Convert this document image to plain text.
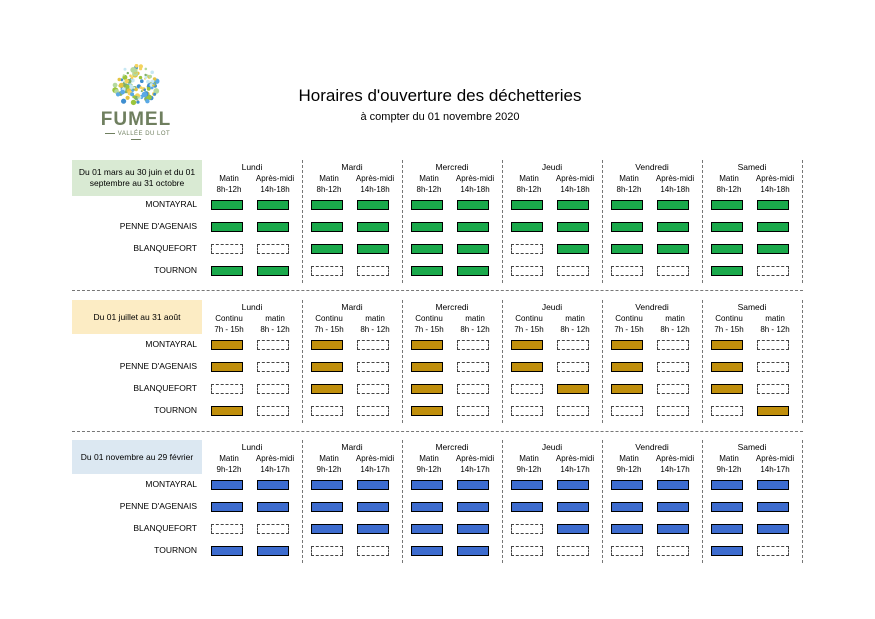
FUMEL
VALLÉE DU LOT
Horaires d'ouverture des déchetteries
à compter du 01 novembre 2020
Du 01 mars au 30 juin et du 01 septembre au 31 octobre
Lundi
Matin
8h-12h
Après-midi
14h-18h
Mardi
Matin
8h-12h
Après-midi
14h-18h
Mercredi
Matin
8h-12h
Après-midi
14h-18h
Jeudi
Matin
8h-12h
Après-midi
14h-18h
Vendredi
Matin
8h-12h
Après-midi
14h-18h
Samedi
Matin
8h-12h
Après-midi
14h-18h
MONTAYRAL
PENNE D'AGENAIS
BLANQUEFORT
TOURNON
Du 01 juillet au 31 août
Lundi
Continu
7h - 15h
matin
8h - 12h
Mardi
Continu
7h - 15h
matin
8h - 12h
Mercredi
Continu
7h - 15h
matin
8h - 12h
Jeudi
Continu
7h - 15h
matin
8h - 12h
Vendredi
Continu
7h - 15h
matin
8h - 12h
Samedi
Continu
7h - 15h
matin
8h - 12h
MONTAYRAL
PENNE D'AGENAIS
BLANQUEFORT
TOURNON
Du 01 novembre au 29 février
Lundi
Matin
9h-12h
Après-midi
14h-17h
Mardi
Matin
9h-12h
Après-midi
14h-17h
Mercredi
Matin
9h-12h
Après-midi
14h-17h
Jeudi
Matin
9h-12h
Après-midi
14h-17h
Vendredi
Matin
9h-12h
Après-midi
14h-17h
Samedi
Matin
9h-12h
Après-midi
14h-17h
MONTAYRAL
PENNE D'AGENAIS
BLANQUEFORT
TOURNON
